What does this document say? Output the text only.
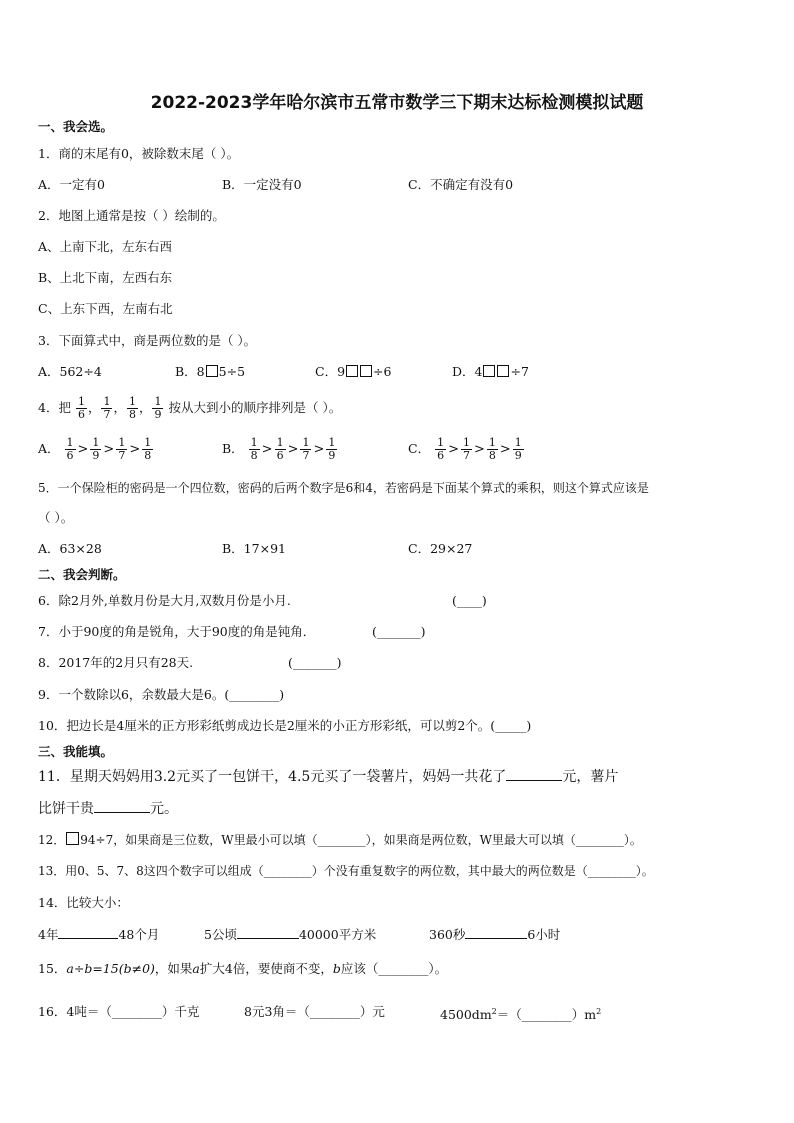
2022-2023学年哈尔滨市五常市数学三下期末达标检测模拟试题
一、我会选。
1．商的末尾有0，被除数末尾（ ）。
A．一定有0	B．一定没有0	C．不确定有没有0
2．地图上通常是按（ ）绘制的。
A、上南下北，左东右西
B、上北下南，左西右东
C、上东下西，左南右北
3．下面算式中，商是两位数的是（ ）。
A．562÷4	B．8 5÷5	C．9 ÷6	D．4 ÷7
4．把 $\frac{1}{6}$ ， $\frac{1}{7}$ ， $\frac{1}{8}$ ， $\frac{1}{9}$ 按从大到小的顺序排列是（ ）。
A． $\frac{1}{6} > \frac{1}{9} > \frac{1}{7} > \frac{1}{8}$	B． $\frac{1}{8} > \frac{1}{6} > \frac{1}{7} > \frac{1}{9}$	C． $\frac{1}{6} > \frac{1}{7} > \frac{1}{8} > \frac{1}{9}$
5．一个保险柜的密码是一个四位数，密码的后两个数字是6和4，若密码是下面某个算式的乘积，则这个算式应该是
（ ）。
A．63×28	B．17×91	C．29×27
二、我会判断。
6．除2月外,单数月份是大月,双数月份是小月.	(____)
7．小于90度的角是锐角，大于90度的角是钝角．	(_______)
8．2017年的2月只有28天.	(_______)
9．一个数除以6，余数最大是6。(________)
10．把边长是4厘米的正方形彩纸剪成边长是2厘米的小正方形彩纸，可以剪2个。(_____)
三、我能填。
11．星期天妈妈用3.2元买了一包饼干，4.5元买了一袋薯片，妈妈一共花了	元，薯片
比饼干贵	元。
12． 94÷7，如果商是三位数，W里最小可以填（________），如果商是两位数，W里最大可以填（________）。
13．用0、5、7、8这四个数字可以组成（________）个没有重复数字的两位数，其中最大的两位数是（________）。
14．比较大小：
4年	48个月	5公顷	40000平方米	360秒	6小时
15．a÷b=15(b≠0)，如果a扩大4倍，要使商不变，b应该（________）。
16．4吨＝（________）千克	8元3角＝（________）元	$4500dm^2=(\_\_\_\_\_\_\_\_)m^2$
